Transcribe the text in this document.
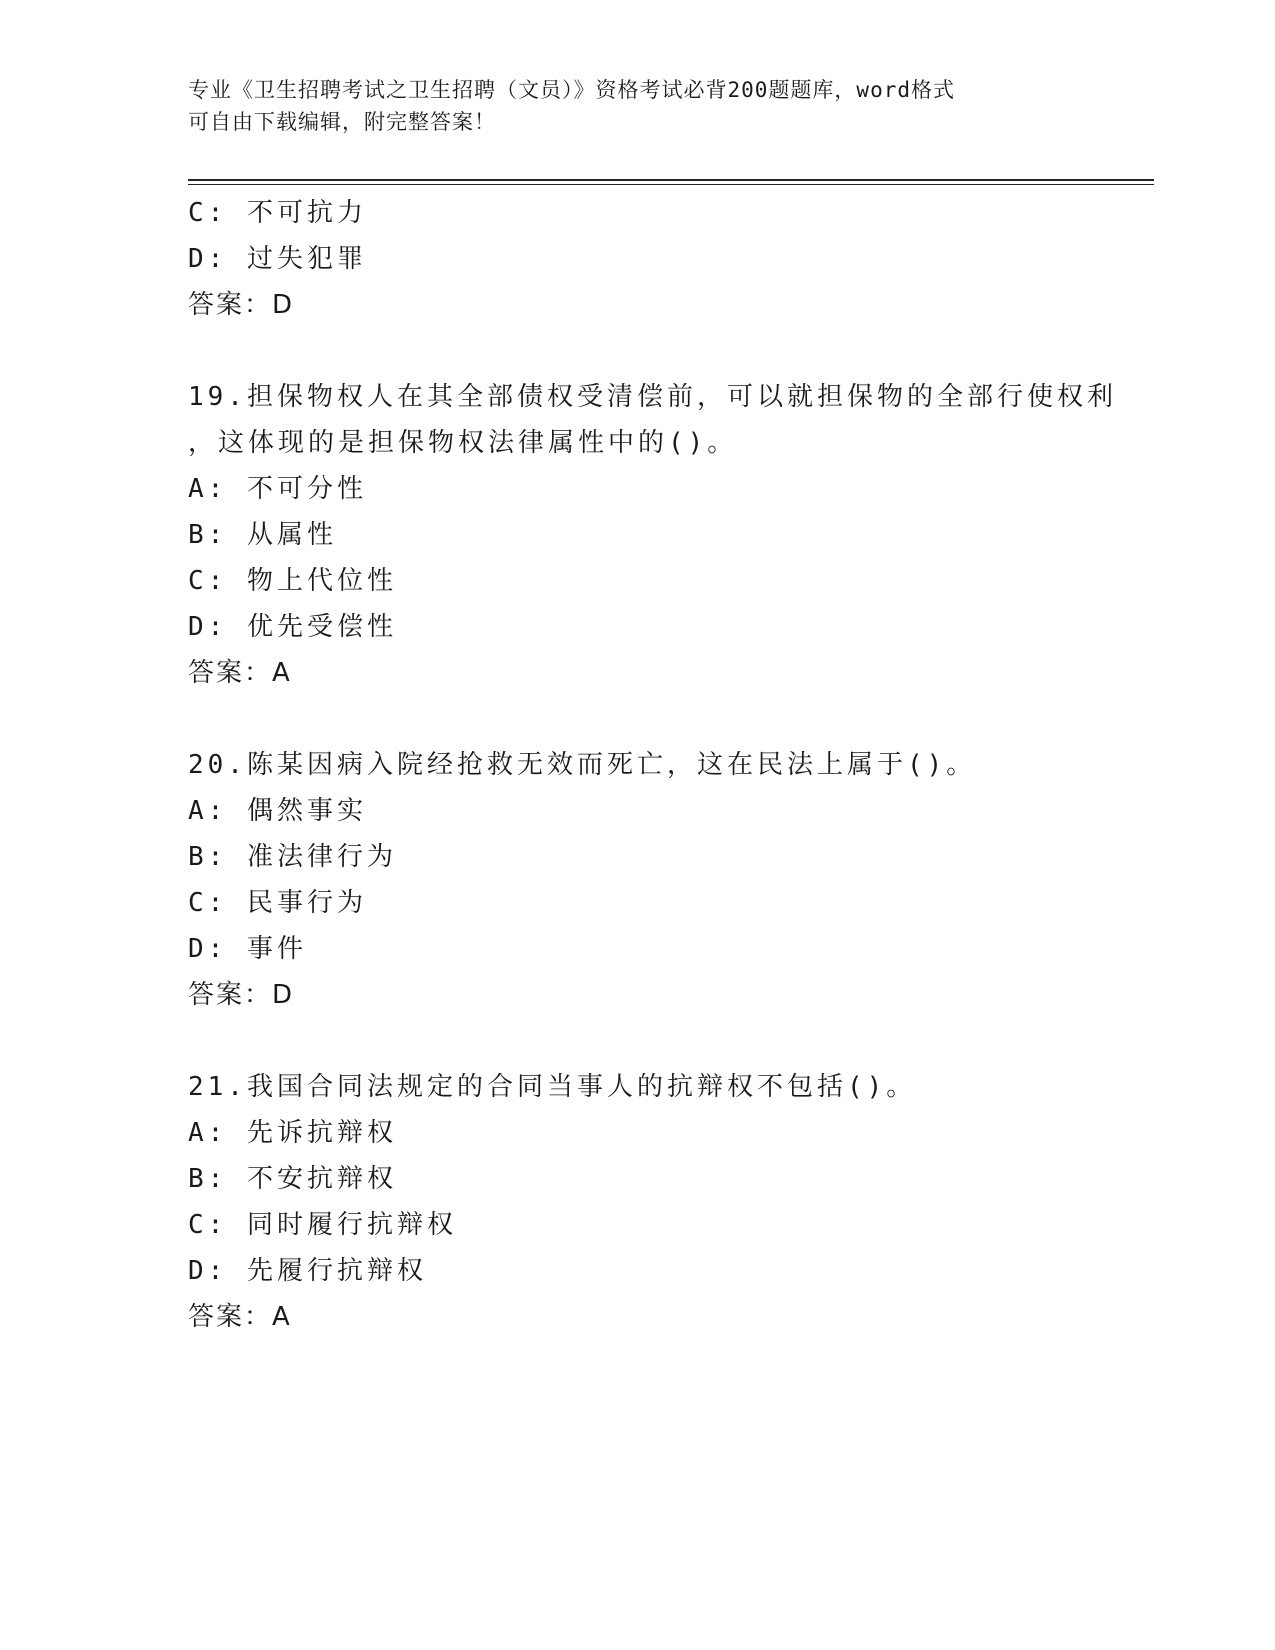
专业《卫生招聘考试之卫生招聘（文员）》资格考试必背200题题库，word格式
可自由下载编辑，附完整答案！
C: 不可抗力
D: 过失犯罪
答案：D
19.担保物权人在其全部债权受清偿前，可以就担保物的全部行使权利
，这体现的是担保物权法律属性中的()。
A: 不可分性
B: 从属性
C: 物上代位性
D: 优先受偿性
答案：A
20.陈某因病入院经抢救无效而死亡，这在民法上属于()。
A: 偶然事实
B: 准法律行为
C: 民事行为
D: 事件
答案：D
21.我国合同法规定的合同当事人的抗辩权不包括()。
A: 先诉抗辩权
B: 不安抗辩权
C: 同时履行抗辩权
D: 先履行抗辩权
答案：A
